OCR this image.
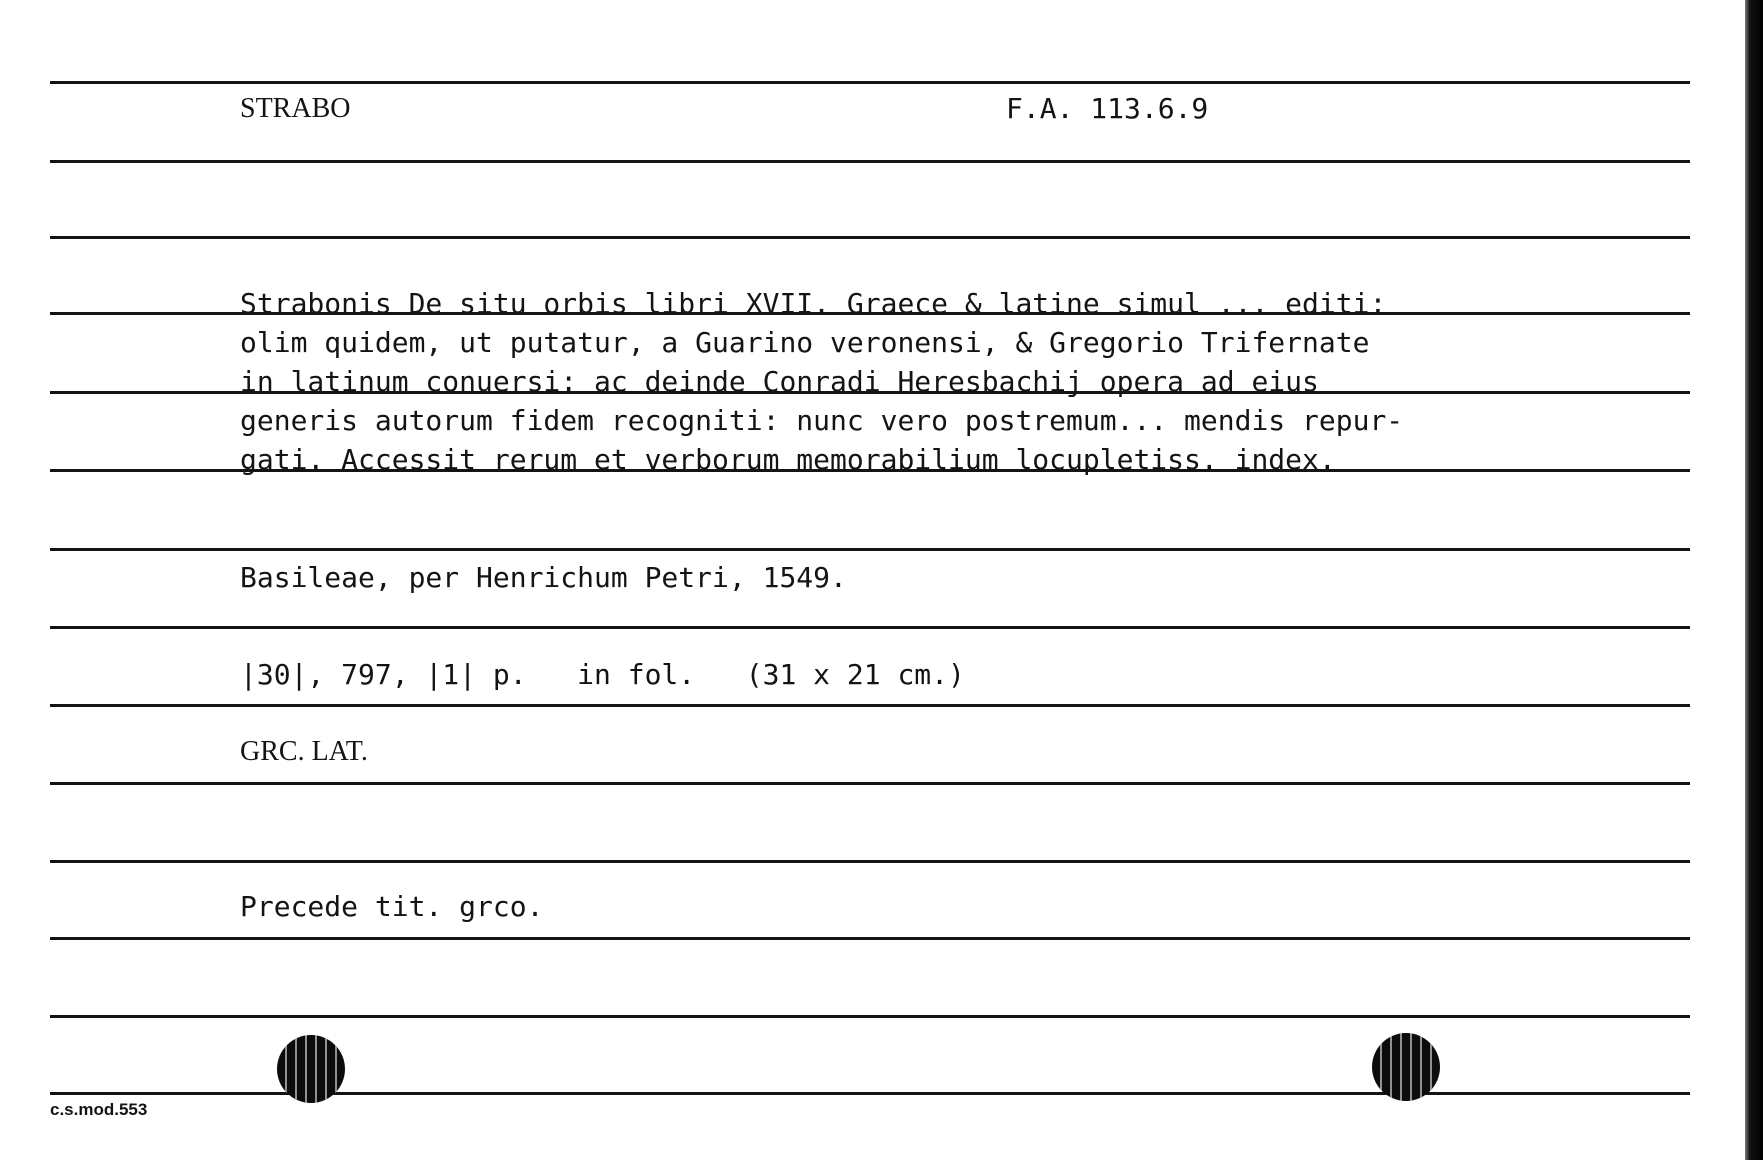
STRABO	F.A. 113.6.9
Strabonis De situ orbis libri XVII. Graece & latine simul ... editi:
olim quidem, ut putatur, a Guarino veronensi, & Gregorio Trifernate
in latinum conuersi: ac deinde Conradi Heresbachij opera ad eius
generis autorum fidem recogniti: nunc vero postremum... mendis repur-
gati. Accessit rerum et verborum memorabilium locupletiss. index.
Basileae, per Henrichum Petri, 1549.
|30|, 797, |1| p.   in fol.   (31 x 21 cm.)
GRC. LAT.
Precede tit. grco.
c.s.mod.553
